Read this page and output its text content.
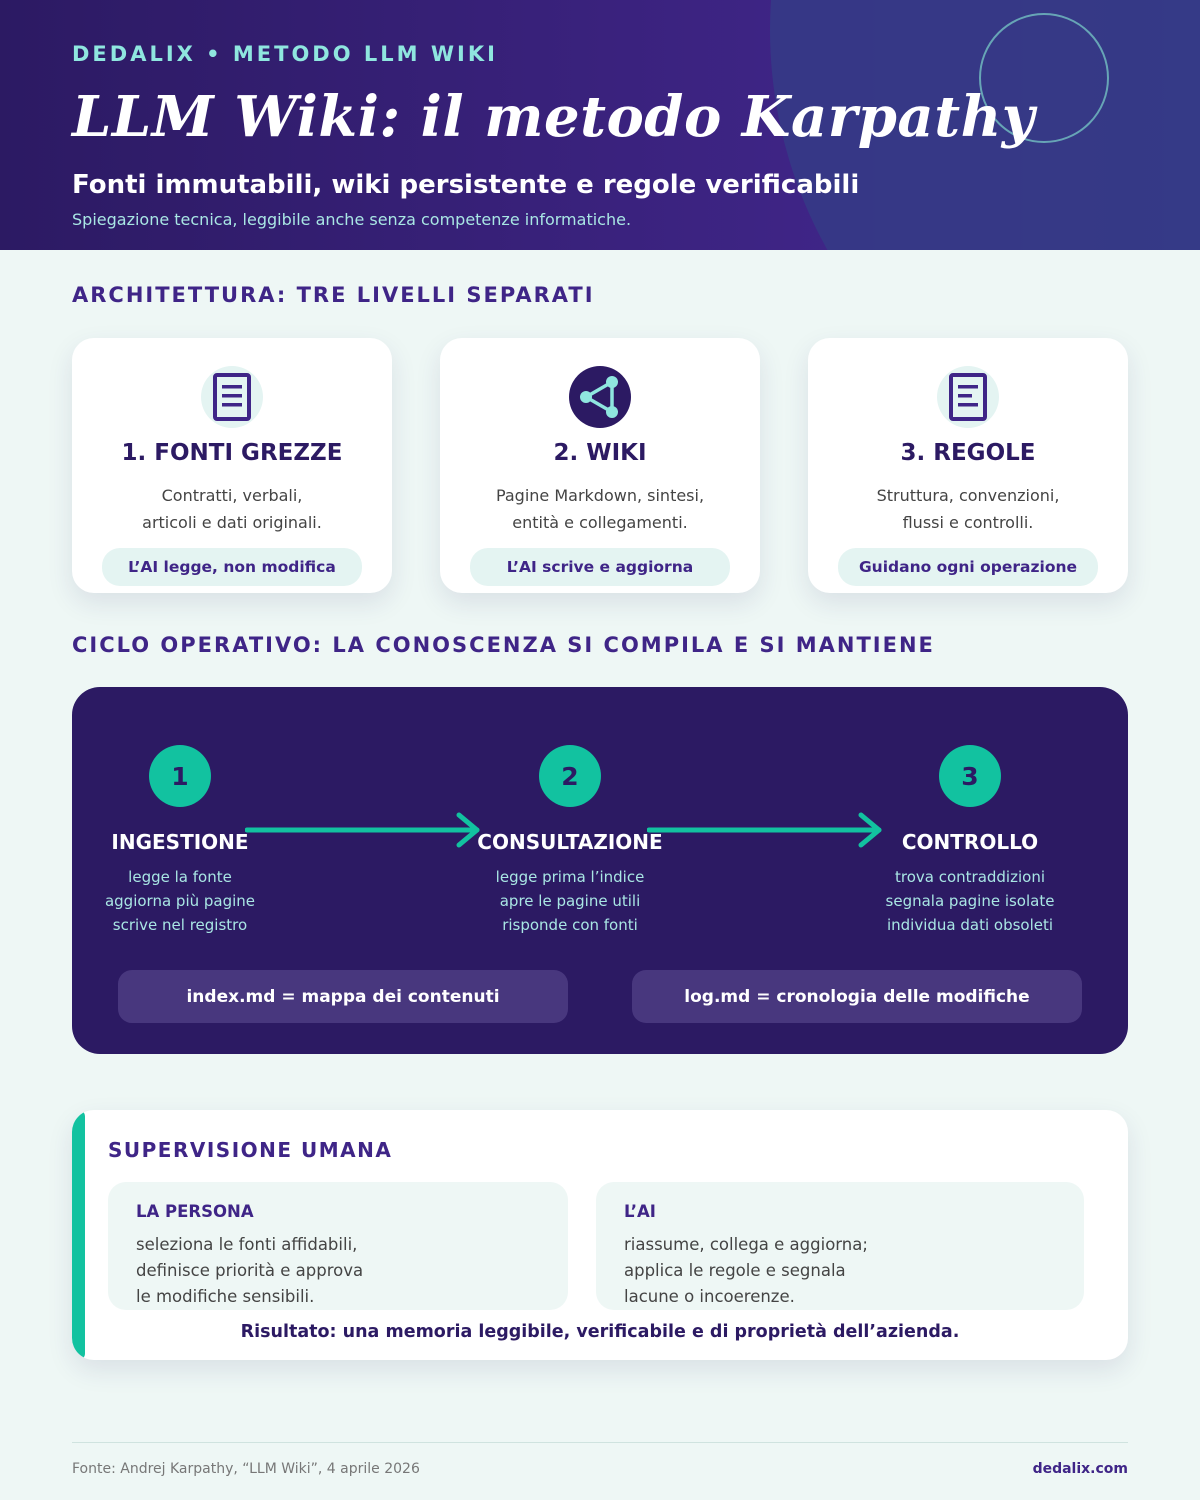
DEDALIX • METODO LLM WIKI
LLM Wiki: il metodo Karpathy
Fonti immutabili, wiki persistente e regole verificabili
Spiegazione tecnica, leggibile anche senza competenze informatiche.
ARCHITETTURA: TRE LIVELLI SEPARATI
1. FONTI GREZZE
Contratti, verbali,
articoli e dati originali.
L’AI legge, non modifica
2. WIKI
Pagine Markdown, sintesi,
entità e collegamenti.
L’AI scrive e aggiorna
3. REGOLE
Struttura, convenzioni,
flussi e controlli.
Guidano ogni operazione
CICLO OPERATIVO: LA CONOSCENZA SI COMPILA E SI MANTIENE
1
INGESTIONE
legge la fonte
aggiorna più pagine
scrive nel registro
2
CONSULTAZIONE
legge prima l’indice
apre le pagine utili
risponde con fonti
3
CONTROLLO
trova contraddizioni
segnala pagine isolate
individua dati obsoleti
index.md = mappa dei contenuti	log.md = cronologia delle modifiche
SUPERVISIONE UMANA
LA PERSONA
seleziona le fonti affidabili,
definisce priorità e approva
le modifiche sensibili.
L’AI
riassume, collega e aggiorna;
applica le regole e segnala
lacune o incoerenze.
Risultato: una memoria leggibile, verificabile e di proprietà dell’azienda.
Fonte: Andrej Karpathy, “LLM Wiki”, 4 aprile 2026	dedalix.com
